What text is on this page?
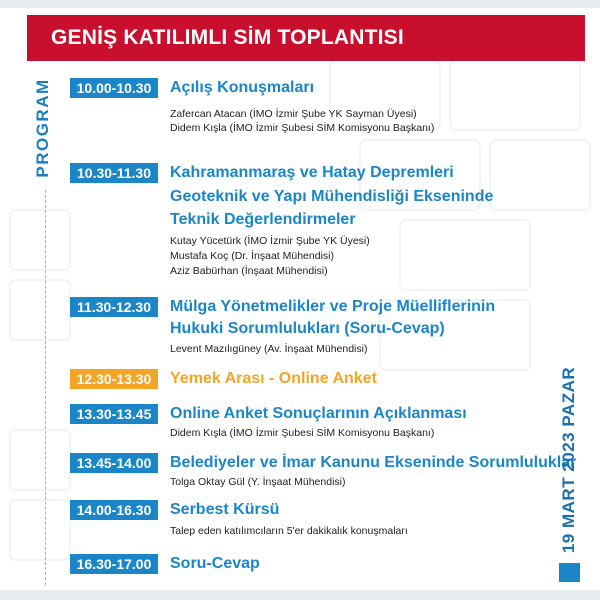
GENİŞ KATILIMLI SİM TOPLANTISI
PROGRAM	10.00-10.30	Açılış Konuşmaları
Zafercan Atacan (İMO İzmir Şube YK Sayman Üyesi)
Didem Kışla (İMO İzmir Şubesi SİM Komisyonu Başkanı)
10.30-11.30	Kahramanmaraş ve Hatay Depremleri
Geoteknik ve Yapı Mühendisliği Ekseninde
Teknik Değerlendirmeler
Kutay Yücetürk (İMO İzmir Şube YK Üyesi)
Mustafa Koç (Dr. İnşaat Mühendisi)
Aziz Babürhan (İnşaat Mühendisi)
11.30-12.30	Mülga Yönetmelikler ve Proje Müelliflerinin
Hukuki Sorumlulukları (Soru-Cevap)
Levent Mazılıgüney (Av. İnşaat Mühendisi)
12.30-13.30	Yemek Arası - Online Anket
13.30-13.45	Online Anket Sonuçlarının Açıklanması
Didem Kışla (İMO İzmir Şubesi SİM Komisyonu Başkanı)
13.45-14.00	Belediyeler ve İmar Kanunu Ekseninde Sorumluluklar
Tolga Oktay Gül (Y. İnşaat Mühendisi)
14.00-16.30	Serbest Kürsü
Talep eden katılımcıların 5'er dakikalık konuşmaları
16.30-17.00	Soru-Cevap
19 MART 2023 PAZAR
